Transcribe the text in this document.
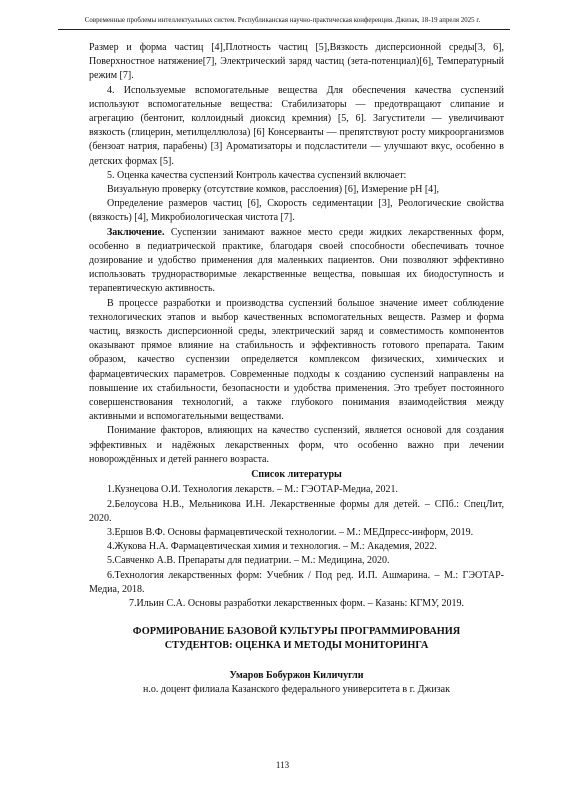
Современные проблемы интеллектуальных систем. Республиканская научно-практическая конференция. Джизак, 18-19 апреля 2025 г.

Размер и форма частиц [4],Плотность частиц [5],Вязкость дисперсионной среды[3, 6], Поверхностное натяжение[7], Электрический заряд частиц (зета-потенциал)[6], Температурный режим [7].

4. Используемые вспомогательные вещества Для обеспечения качества суспензий используют вспомогательные вещества: Стабилизаторы — предотвращают слипание и агрегацию (бентонит, коллоидный диоксид кремния) [5, 6]. Загустители — увеличивают вязкость (глицерин, метилцеллюлоза) [6] Консерванты — препятствуют росту микроорганизмов (бензоат натрия, парабены) [3] Ароматизаторы и подсластители — улучшают вкус, особенно в детских формах [5].

5. Оценка качества суспензий Контроль качества суспензий включает:

Визуальную проверку (отсутствие комков, расслоения) [6], Измерение pH [4],

Определение размеров частиц [6], Скорость седиментации [3], Реологические свойства (вязкость) [4], Микробиологическая чистота [7].

Заключение. Суспензии занимают важное место среди жидких лекарственных форм, особенно в педиатрической практике, благодаря своей способности обеспечивать точное дозирование и удобство применения для маленьких пациентов. Они позволяют эффективно использовать труднорастворимые лекарственные вещества, повышая их биодоступность и терапевтическую активность.

В процессе разработки и производства суспензий большое значение имеет соблюдение технологических этапов и выбор качественных вспомогательных веществ. Размер и форма частиц, вязкость дисперсионной среды, электрический заряд и совместимость компонентов оказывают прямое влияние на стабильность и эффективность готового препарата. Таким образом, качество суспензии определяется комплексом физических, химических и фармацевтических параметров. Современные подходы к созданию суспензий направлены на повышение их стабильности, безопасности и удобства применения. Это требует постоянного совершенствования технологий, а также глубокого понимания взаимодействия между активными и вспомогательными веществами.

Понимание факторов, влияющих на качество суспензий, является основой для создания эффективных и надёжных лекарственных форм, что особенно важно при лечении новорождённых и детей раннего возраста.

Список литературы

1.Кузнецова О.И. Технология лекарств. – М.: ГЭОТАР-Медиа, 2021.

2.Белоусова Н.В., Мельникова И.Н. Лекарственные формы для детей. – СПб.: СпецЛит, 2020.

3.Ершов В.Ф. Основы фармацевтической технологии. – М.: МЕДпресс-информ, 2019.

4.Жукова Н.А. Фармацевтическая химия и технология. – М.: Академия, 2022.

5.Савченко А.В. Препараты для педиатрии. – М.: Медицина, 2020.

6.Технология лекарственных форм: Учебник / Под ред. И.П. Ашмарина. – М.: ГЭОТАР-Медиа, 2018.

7.Ильин С.А. Основы разработки лекарственных форм. – Казань: КГМУ, 2019.

ФОРМИРОВАНИЕ БАЗОВОЙ КУЛЬТУРЫ ПРОГРАММИРОВАНИЯ
СТУДЕНТОВ: ОЦЕНКА И МЕТОДЫ МОНИТОРИНГА
Умаров Бобуржон Киличугли
н.о. доцент филиала Казанского федерального университета в г. Джизак
113
